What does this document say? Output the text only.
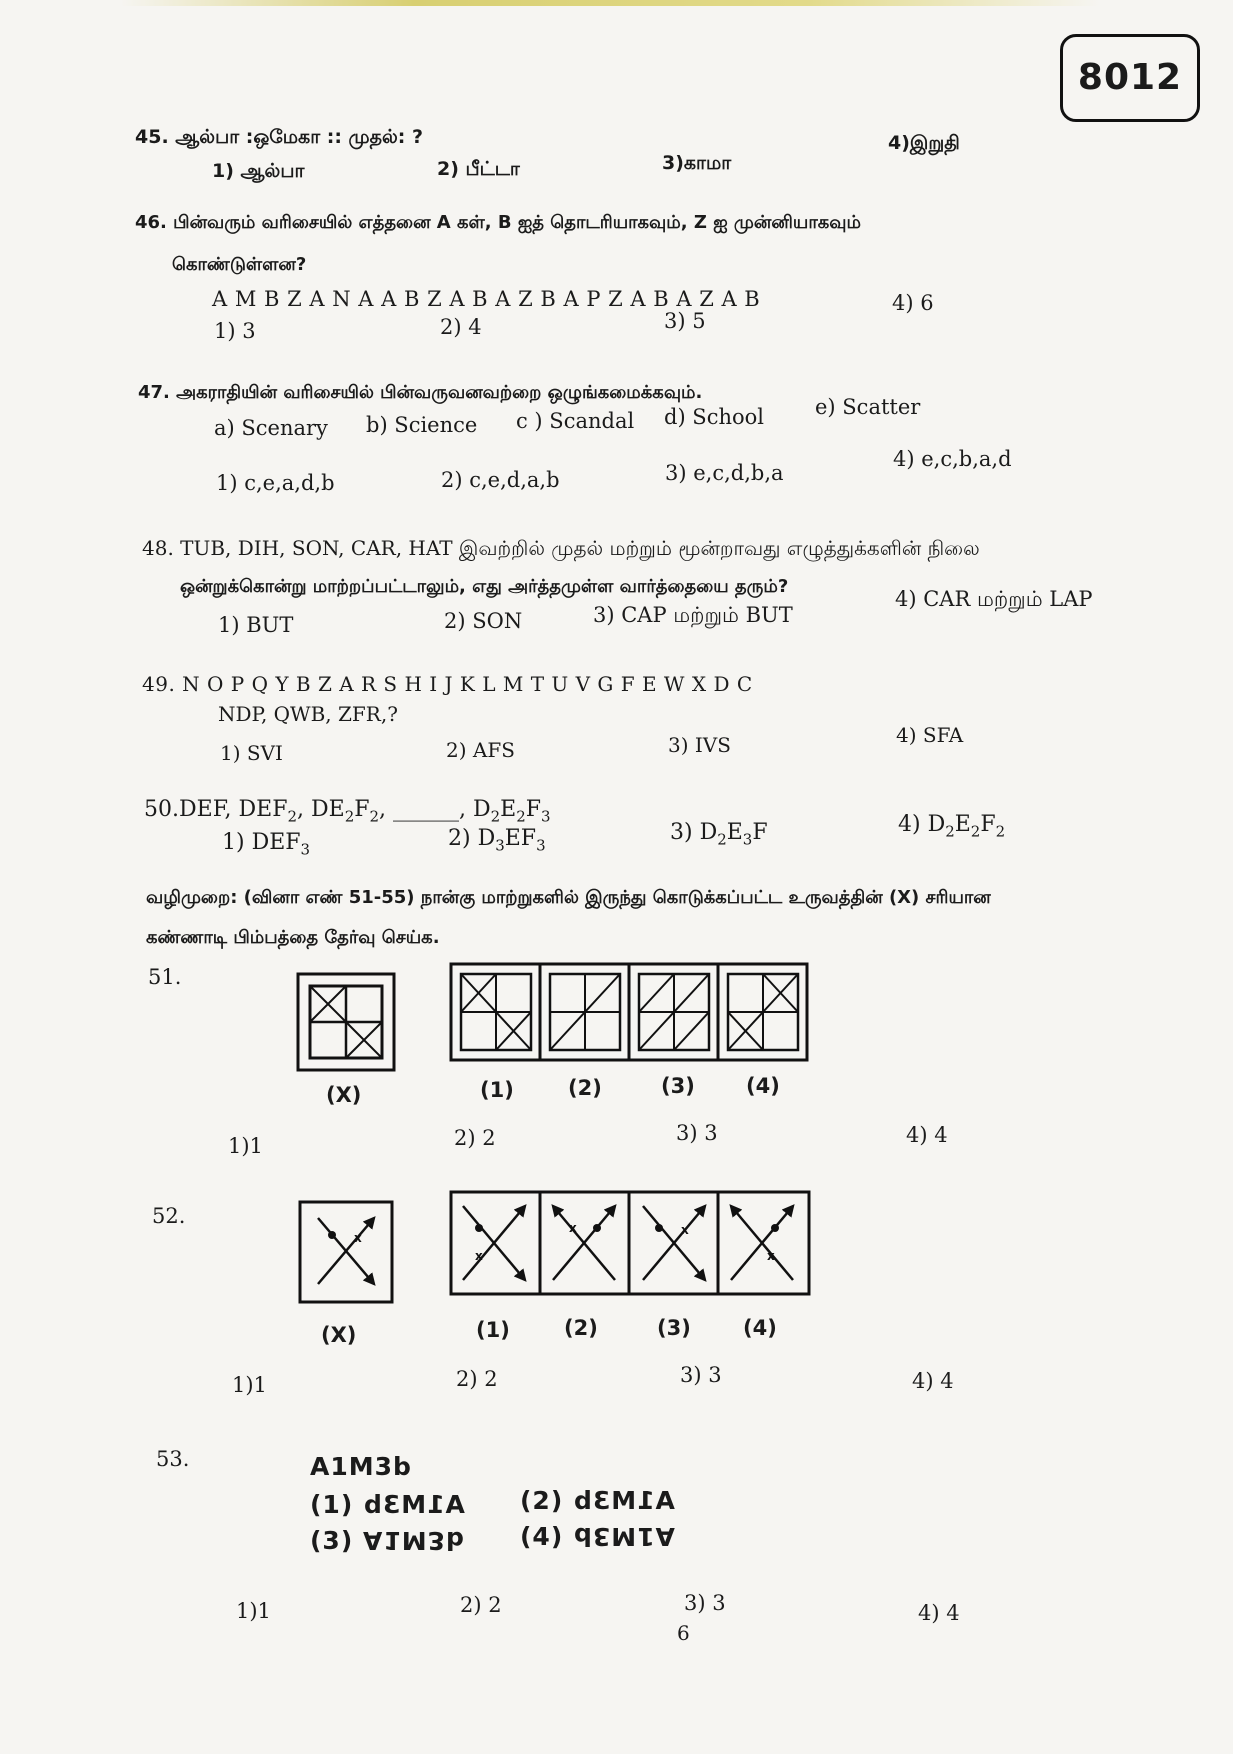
8012
45. ஆல்பா :ஒமேகா :: முதல்: ?
1) ஆல்பா	2) பீட்டா	3)காமா
4)இறுதி
46. பின்வரும் வரிசையில் எத்தனை A கள், B ஐத் தொடரியாகவும், Z ஐ முன்னியாகவும்
கொண்டுள்ளன?
A M B Z A N A A B Z A B A Z B A P Z A B A Z A B
1) 3	2) 4	3) 5
4) 6
47. அகராதியின் வரிசையில் பின்வருவனவற்றை ஒழுங்கமைக்கவும்.
a) Scenary b) Science c ) Scandal d) School e) Scatter
1) c,e,a,d,b	2) c,e,d,a,b	3) e,c,d,b,a
4) e,c,b,a,d
48. TUB, DIH, SON, CAR, HAT இவற்றில் முதல் மற்றும் மூன்றாவது எழுத்துக்களின் நிலை
ஒன்றுக்கொன்று மாற்றப்பட்டாலும், எது அர்த்தமுள்ள வார்த்தையை தரும்?
1) BUT	2) SON	3) CAP மற்றும் BUT
4) CAR மற்றும் LAP
49. N O P Q Y B Z A R S H I J K L M T U V G F E W X D C
NDP, QWB, ZFR,?
1) SVI	2) AFS	3) IVS	4) SFA
50.DEF, $DEF_2$, $DE_2F_2$, ______, $D_2E_2F_3$
1) $DEF_3$	2) $D_3EF_3$
3) $D_2E_3F$	4) $D_2E_2F_2$
வழிமுறை: (வினா எண் 51-55) நான்கு மாற்றுகளில் இருந்து கொடுக்கப்பட்ட உருவத்தின் (X) சரியான
கண்ணாடி பிம்பத்தை தேர்வு செய்க.
51.
(X)	(1)	(2)	(3) (4)
1)1	2) 2	3) 3	4) 4
52.
x
x
x	x
x
(X)	(1)	(2)	(3) (4)
1)1	2) 2	3) 3	4) 4
53.	A1M3b
(1) A1M3b (2) A1M3b
(3) A1M3b (4) A1M3b
1)1	2) 2	3) 3	4) 4
6
